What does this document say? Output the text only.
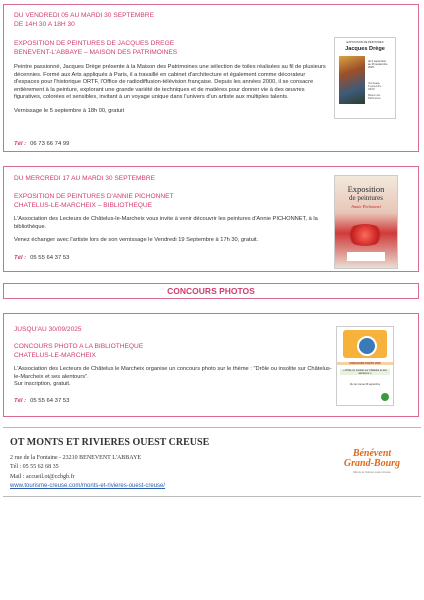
DU VENDREDI 05 AU MARDI 30 SEPTEMBRE
DE 14H 30 A 18H 30
EXPOSITION DE PEINTURES DE JACQUES DREGE
BENEVENT-L'ABBAYE – MAISON DES PATRIMOINES

Peintre passionné, Jacques Drège présente à la Maison des Patrimoines une sélection de toiles réalisées au fil de plusieurs décennies. Formé aux Arts appliqués à Paris, il a travaillé en cabinet d'architecture et également comme décorateur d'espaces pour l'historique ORTF, l'Office de radiodiffusion-télévision française. Depuis les années 2000, il se consacre entièrement à la peinture, explorant une grande variété de techniques et de matières pour donner vie à des œuvres figuratives, colorées et sensibles, invitant à un voyage unique dans l'univers d'un artiste aux multiples talents.

Vernissage le 5 septembre à 18h 00, gratuit

Tél : 06 73 66 74 99
EXPOSITION DE PEINTURES
Jacques Drège
du 5 septembre
au 30 septembre
2025
Vernissage
5 septembre
18h00
Maison des
Patrimoines
DU MERCREDI 17 AU MARDI 30 SEPTEMBRE
EXPOSITION DE PEINTURES D'ANNIE PICHONNET
CHATELUS-LE-MARCHEIX – BIBLIOTHEQUE

L'Association des Lecteurs de Châtelus-le-Marcheix vous invite à venir découvrir les peintures d'Annie PICHONNET, à la bibliothèque.

Venez échanger avec l'artiste lors de son vernissage le Vendredi 19 Septembre à 17h 30, gratuit.

Tél : 05 55 64 37 53
Exposition
de peintures
Annie Pichonnet
CONCOURS PHOTOS
JUSQU'AU 30/09/2025
CONCOURS PHOTO A LA BIBLIOTHEQUE
CHATELUS-LE-MARCHEIX

L'Association des Lecteurs de Châtelus le Marcheix organise un concours photo sur le thème : "Drôle ou insolite sur Châtelus-le-Marcheix et ses alentours".

Sur inscription, gratuit.

Tél : 05 55 64 37 53
CONCOURS PHOTO 2025
« Drôle ou insolite sur Châtelus et ses alentours »
Du 1er mai au 30 septembre
OT MONTS ET RIVIERES OUEST CREUSE
2 rue de la Fontaine - 23210 BENEVENT L'ABBAYE
Tél : 05 55 62 68 35
Mail : accueil.ot@ccbgb.fr
www.tourisme-creuse.com/monts-et-rivieres-ouest-creuse/
Bénévent
Grand-Bourg
Monts et rivières ouest creuse
